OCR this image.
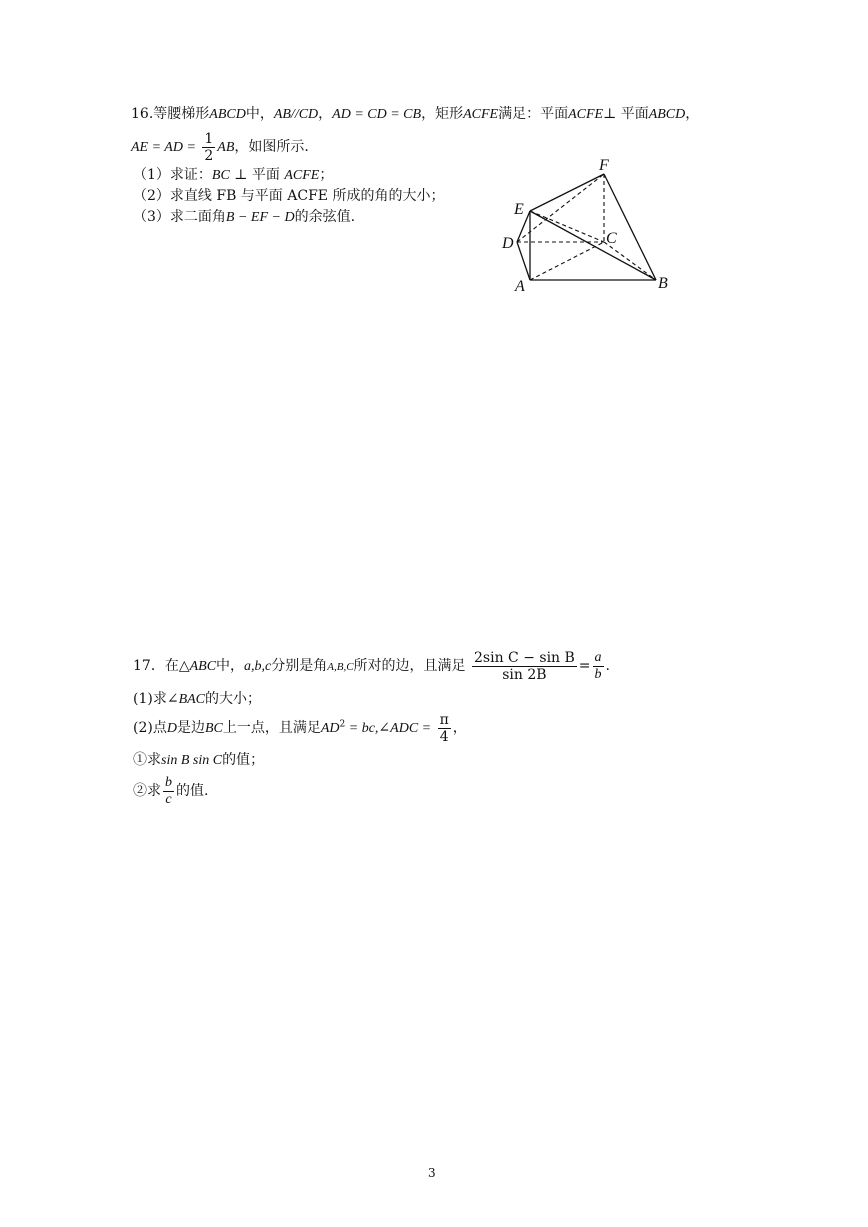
16.等腰梯形ABCD中，AB//CD，AD = CD = CB，矩形ACFE满足：平面ACFE⊥ 平面ABCD，
AE = AD = $\frac{1}{2}$ AB，如图所示.
（1）求证：BC ⊥ 平面 ACFE；
（2）求直线 FB 与平面 ACFE 所成的角的大小；
（3）求二面角B − EF − D的余弦值.
F
E
D	C
A	B
17．在△ABC中，a,b,c分别是角A,B,C所对的边，且满足 $\frac{\text{2sin C − sin B}}{\sin 2B} = \frac{a}{b}$ .
(1)求∠BAC的大小；
(2)点D是边BC上一点，且满足$AD^2$ = bc,∠ADC = $\frac{\pi}{4}$ ，
①求sin B sin C的值；
②求 $\frac{b}{c}$ 的值.
3
